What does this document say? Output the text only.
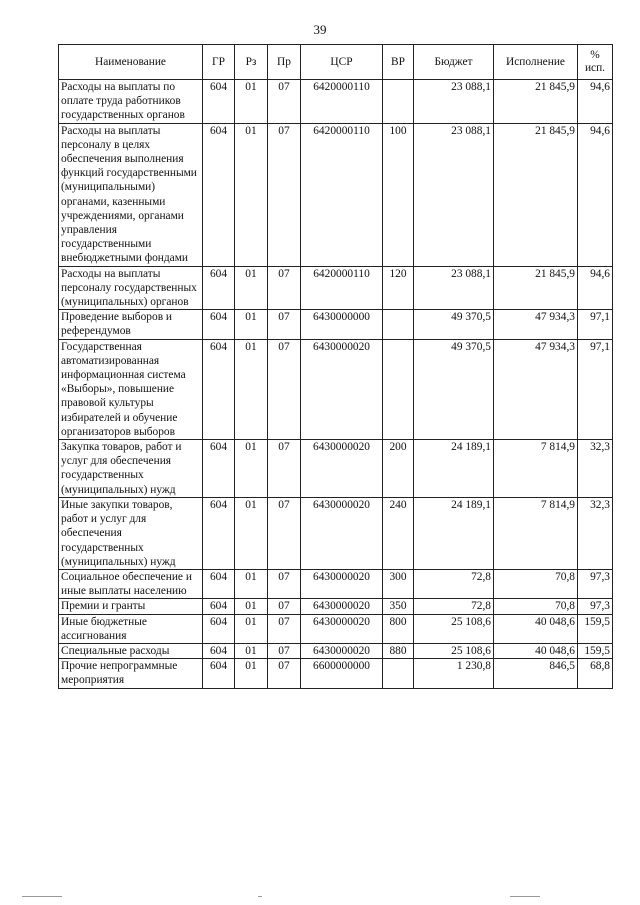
39
Наименование	ГР	Рз	Пр	ЦСР	ВР	Бюджет	Исполнение	%
исп.
Расходы на выплаты по оплате труда работников государственных органов	604	01	07	6420000110		23 088,1	21 845,9	94,6
Расходы на выплаты персоналу в целях обеспечения выполнения функций государственными (муниципальными) органами, казенными учреждениями, органами управления государственными внебюджетными фондами	604	01	07	6420000110	100	23 088,1	21 845,9	94,6
Расходы на выплаты персоналу государственных (муниципальных) органов	604	01	07	6420000110	120	23 088,1	21 845,9	94,6
Проведение выборов и референдумов	604	01	07	6430000000		49 370,5	47 934,3	97,1
Государственная автоматизированная информационная система «Выборы», повышение правовой культуры избирателей и обучение организаторов выборов	604	01	07	6430000020		49 370,5	47 934,3	97,1
Закупка товаров, работ и услуг для обеспечения государственных (муниципальных) нужд	604	01	07	6430000020	200	24 189,1	7 814,9	32,3
Иные закупки товаров, работ и услуг для обеспечения государственных (муниципальных) нужд	604	01	07	6430000020	240	24 189,1	7 814,9	32,3
Социальное обеспечение и иные выплаты населению	604	01	07	6430000020	300	72,8	70,8	97,3
Премии и гранты	604	01	07	6430000020	350	72,8	70,8	97,3
Иные бюджетные ассигнования	604	01	07	6430000020	800	25 108,6	40 048,6	159,5
Специальные расходы	604	01	07	6430000020	880	25 108,6	40 048,6	159,5
Прочие непрограммные мероприятия	604	01	07	6600000000		1 230,8	846,5	68,8
